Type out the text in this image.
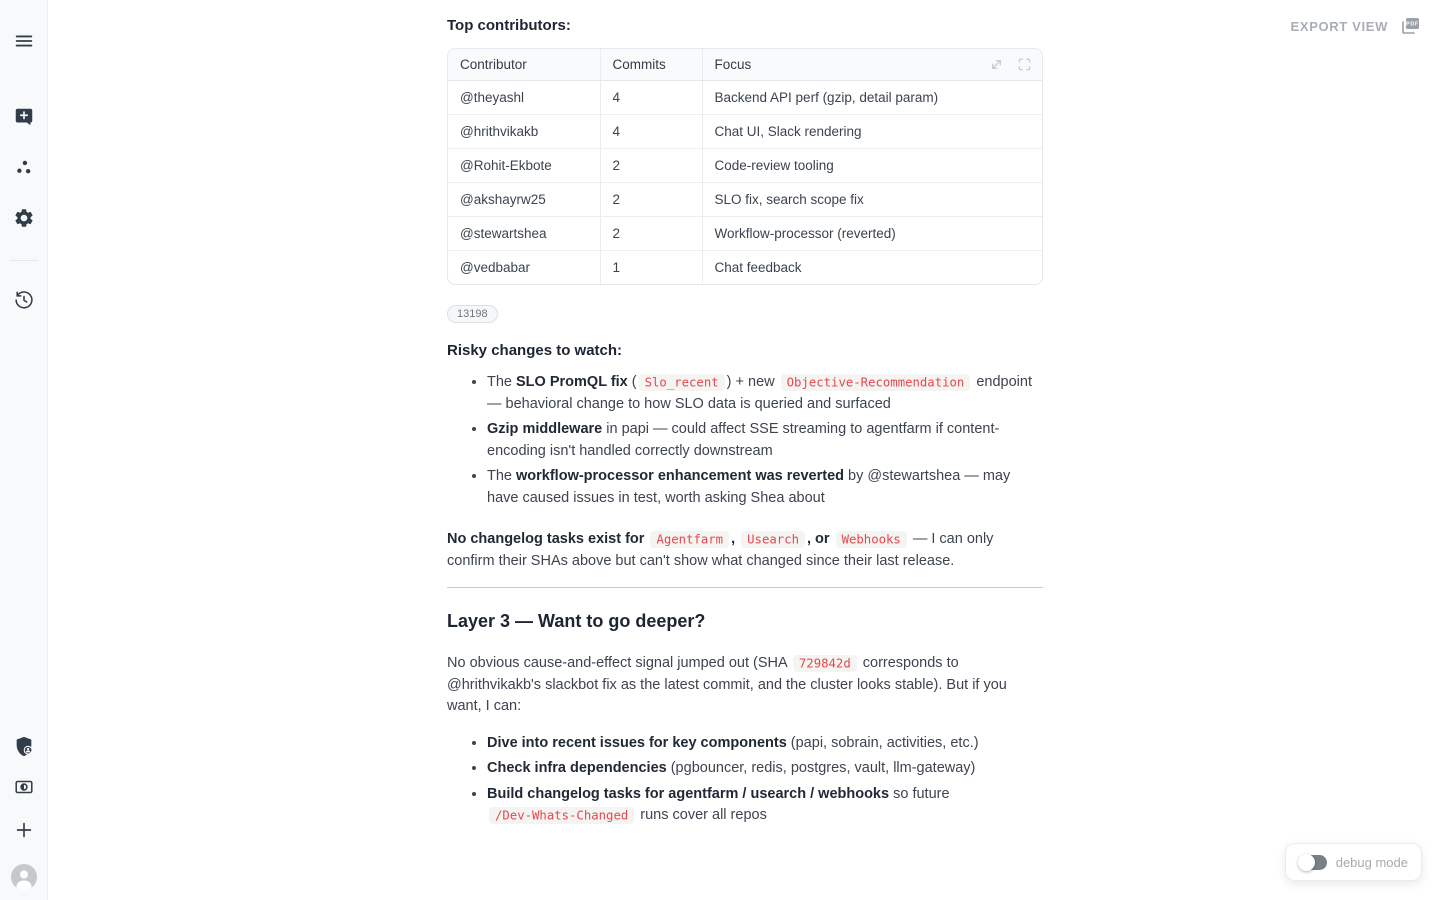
EXPORT VIEW	PDF

Top contributors:

Contributor	Commits	Focus
@theyashl	4	Backend API perf (gzip, detail param)
@hrithvikakb	4	Chat UI, Slack rendering
@Rohit-Ekbote	2	Code-review tooling
@akshayrw25	2	SLO fix, search scope fix
@stewartshea	2	Workflow-processor (reverted)
@vedbabar	1	Chat feedback
13198

Risky changes to watch:

• The SLO PromQL fix ( Slo_recent ) + new Objective-Recommendation endpoint — behavioral change to how SLO data is queried and surfaced
• Gzip middleware in papi — could affect SSE streaming to agentfarm if content-encoding isn't handled correctly downstream
• The workflow-processor enhancement was reverted by @stewartshea — may have caused issues in test, worth asking Shea about

No changelog tasks exist for Agentfarm , Usearch , or Webhooks — I can only confirm their SHAs above but can't show what changed since their last release.

Layer 3 — Want to go deeper?

No obvious cause-and-effect signal jumped out (SHA 729842d corresponds to @hrithvikakb's slackbot fix as the latest commit, and the cluster looks stable). But if you want, I can:

• Dive into recent issues for key components (papi, sobrain, activities, etc.)
• Check infra dependencies (pgbouncer, redis, postgres, vault, llm-gateway)
• Build changelog tasks for agentfarm / usearch / webhooks so future /Dev-Whats-Changed runs cover all repos
debug mode
